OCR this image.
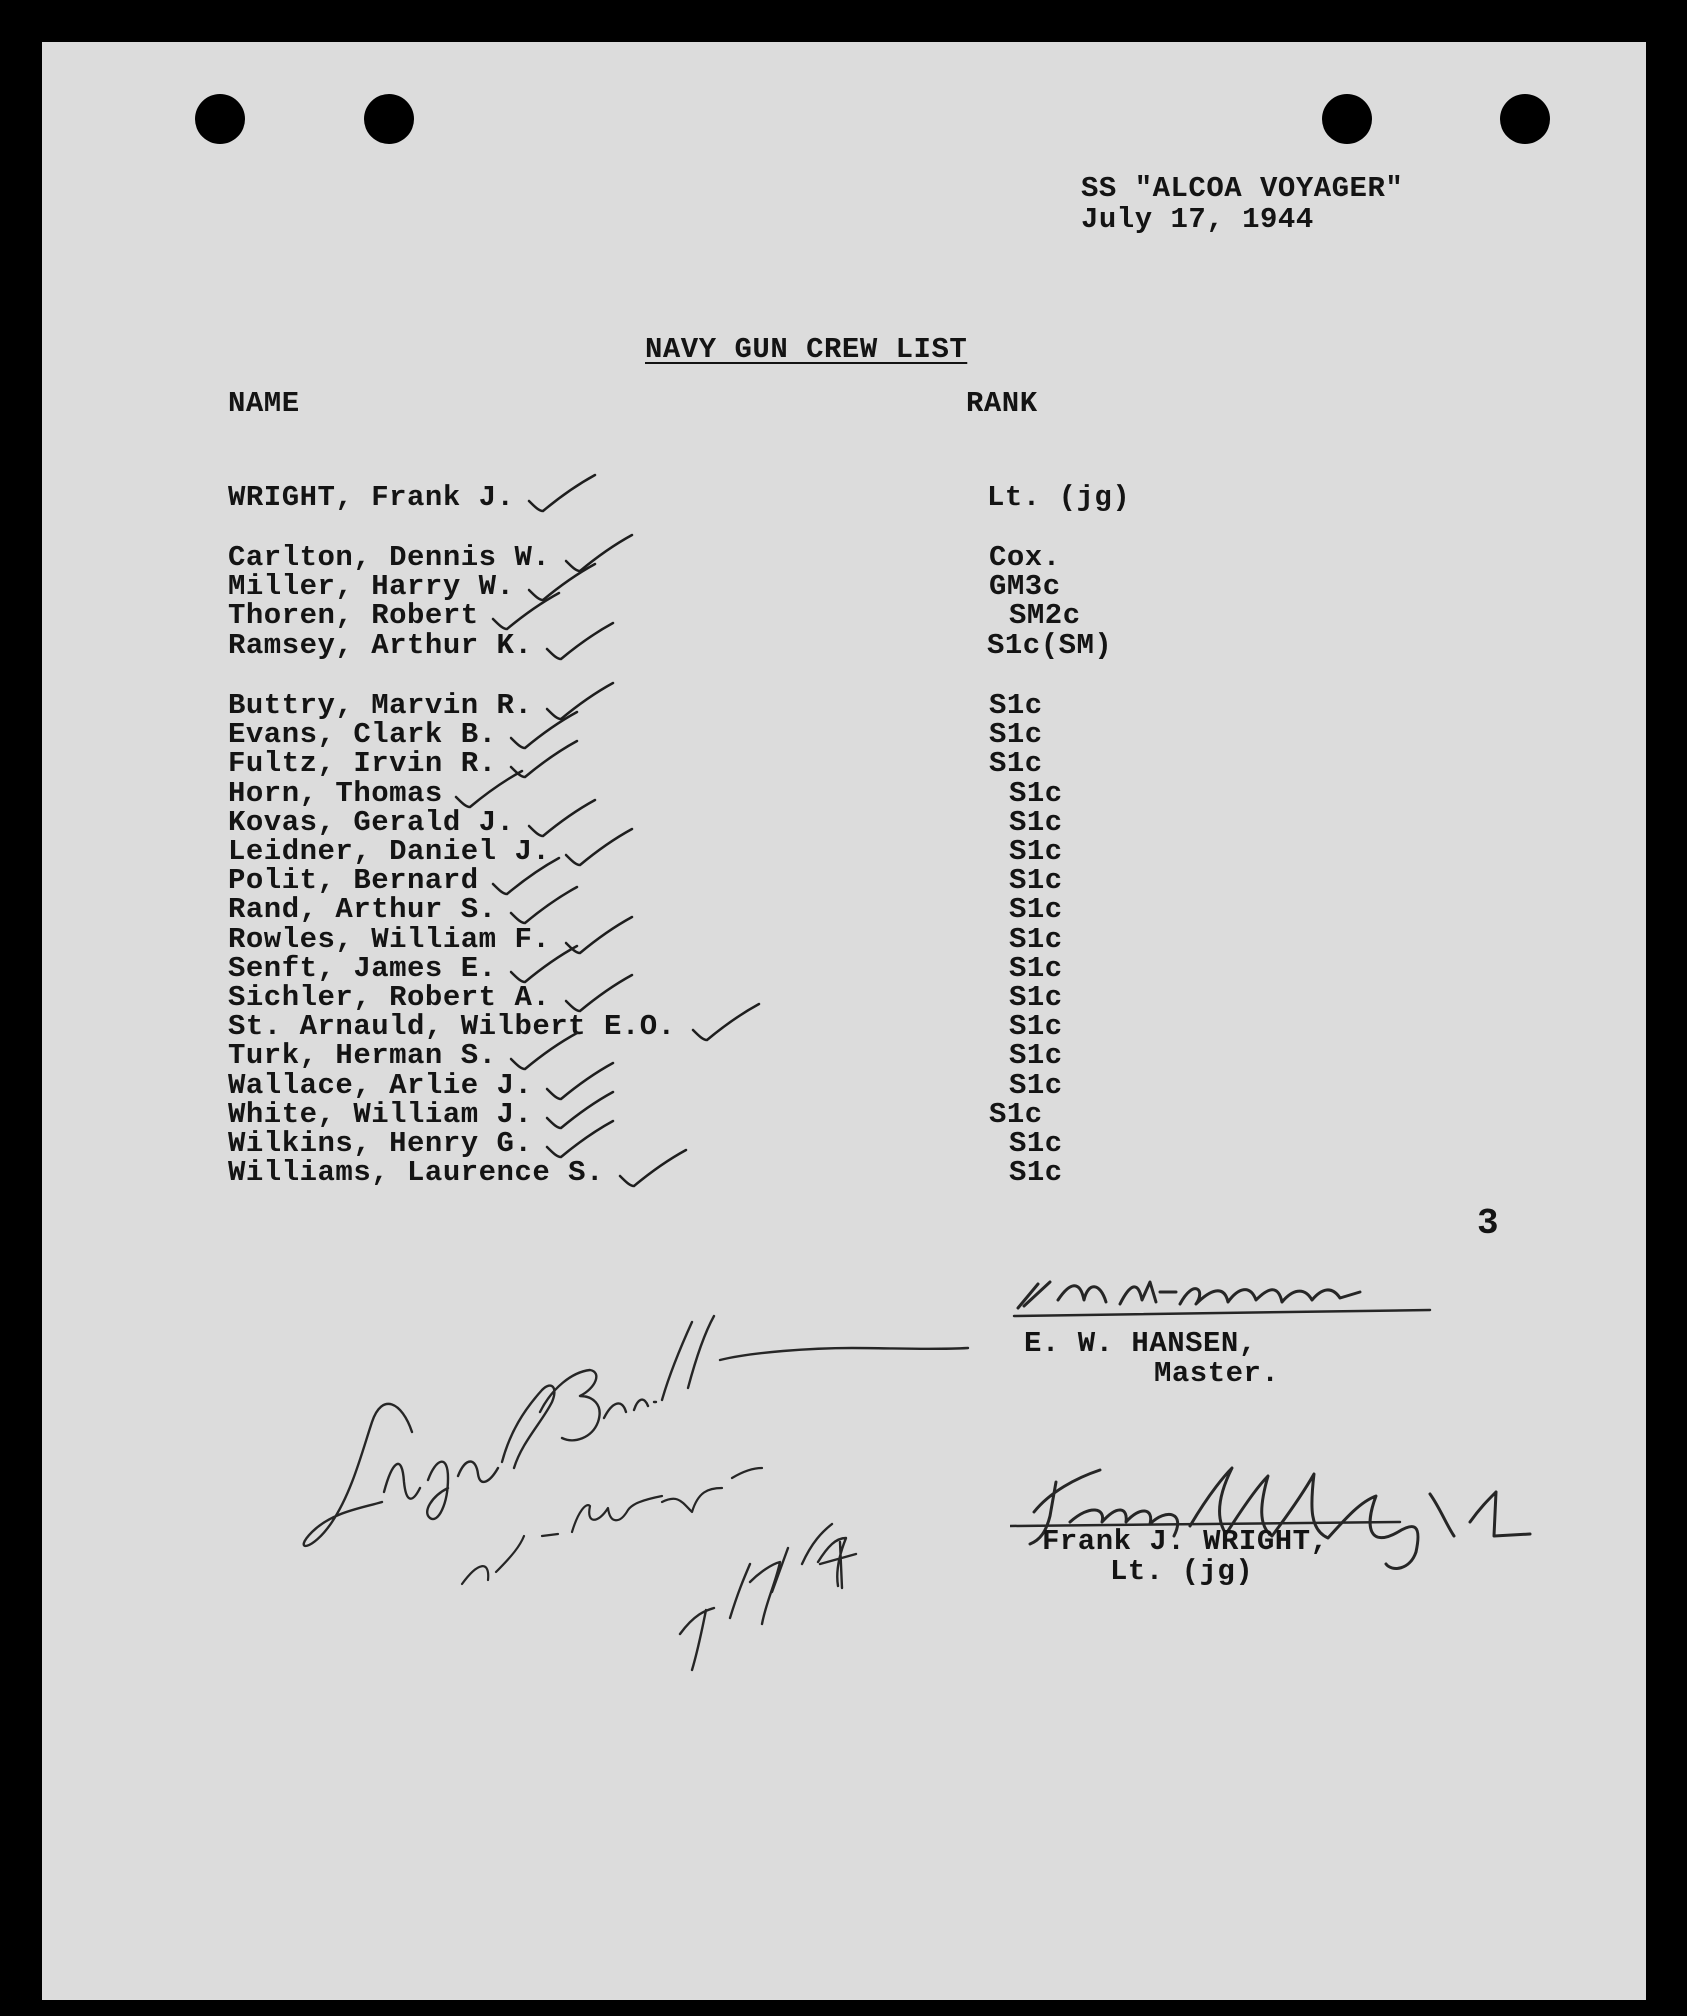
SS "ALCOA VOYAGER"

July 17, 1944

NAVY GUN CREW LIST

NAME	RANK

WRIGHT, Frank J.	Lt. (jg)
Carlton, Dennis W.	Cox.
Miller, Harry W.	GM3c
Thoren, Robert	SM2c
Ramsey, Arthur K.	S1c(SM)
Buttry, Marvin R.	S1c
Evans, Clark B.	S1c
Fultz, Irvin R.	S1c
Horn, Thomas	S1c
Kovas, Gerald J.	S1c
Leidner, Daniel J.	S1c
Polit, Bernard	S1c
Rand, Arthur S.	S1c
Rowles, William F.	S1c
Senft, James E.	S1c
Sichler, Robert A.	S1c
St. Arnauld, Wilbert E.O.	S1c
Turk, Herman S.	S1c
Wallace, Arlie J.	S1c
White, William J.	S1c
Wilkins, Henry G.	S1c
Williams, Laurence S.	S1c

3

E. W. HANSEN,

Master.

Frank J. WRIGHT,

Lt. (jg)
